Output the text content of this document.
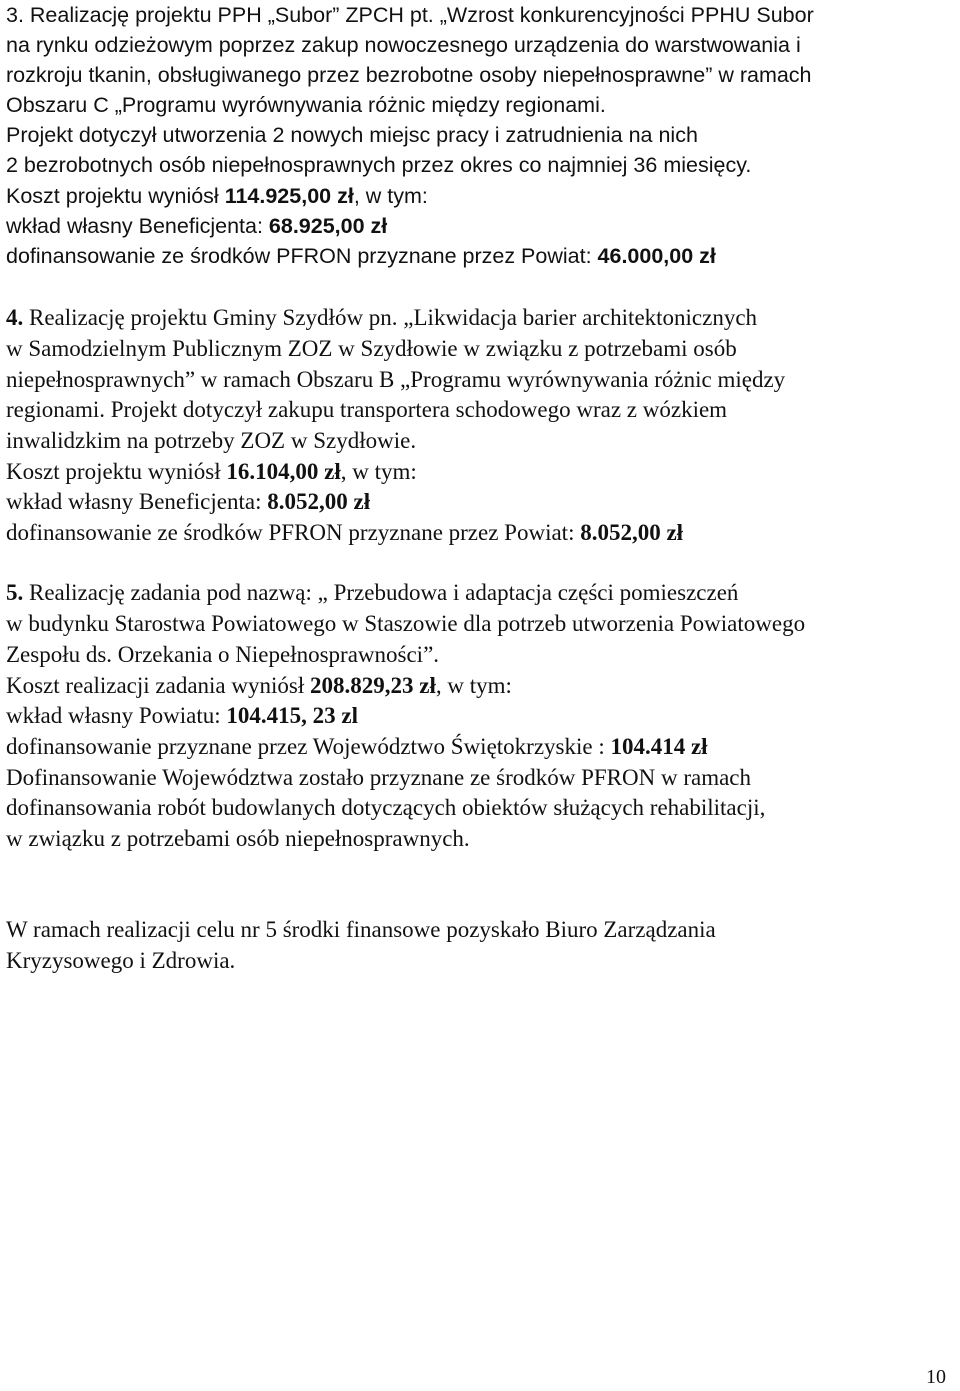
3. Realizację projektu PPH „Subor” ZPCH pt. „Wzrost konkurencyjności PPHU Subor

na rynku odzieżowym poprzez zakup nowoczesnego urządzenia do warstwowania i

rozkroju tkanin, obsługiwanego przez bezrobotne osoby niepełnosprawne” w ramach

Obszaru C „Programu wyrównywania różnic między regionami.

Projekt dotyczył utworzenia 2 nowych miejsc pracy i zatrudnienia na nich

2 bezrobotnych osób niepełnosprawnych przez okres co najmniej 36 miesięcy.

Koszt projektu wyniósł 114.925,00 zł, w tym:

wkład własny Beneficjenta: 68.925,00 zł

dofinansowanie ze środków PFRON przyznane przez Powiat: 46.000,00 zł

4. Realizację projektu Gminy Szydłów pn. „Likwidacja barier architektonicznych

w Samodzielnym Publicznym ZOZ w Szydłowie w związku z potrzebami osób

niepełnosprawnych” w ramach Obszaru B „Programu wyrównywania różnic między

regionami. Projekt dotyczył zakupu transportera schodowego wraz z wózkiem

inwalidzkim na potrzeby ZOZ w Szydłowie.

Koszt projektu wyniósł 16.104,00 zł, w tym:

wkład własny Beneficjenta: 8.052,00 zł

dofinansowanie ze środków PFRON przyznane przez Powiat: 8.052,00 zł

5. Realizację zadania pod nazwą: „ Przebudowa i adaptacja części pomieszczeń

w budynku Starostwa Powiatowego w Staszowie dla potrzeb utworzenia Powiatowego

Zespołu ds. Orzekania o Niepełnosprawności”.

Koszt realizacji zadania wyniósł 208.829,23 zł, w tym:

wkład własny Powiatu: 104.415, 23 zl

dofinansowanie przyznane przez Województwo Świętokrzyskie : 104.414 zł

Dofinansowanie Województwa zostało przyznane ze środków PFRON w ramach

dofinansowania robót budowlanych dotyczących obiektów służących rehabilitacji,

w związku z potrzebami osób niepełnosprawnych.

W ramach realizacji celu nr 5 środki finansowe pozyskało Biuro Zarządzania

Kryzysowego i Zdrowia.

10
